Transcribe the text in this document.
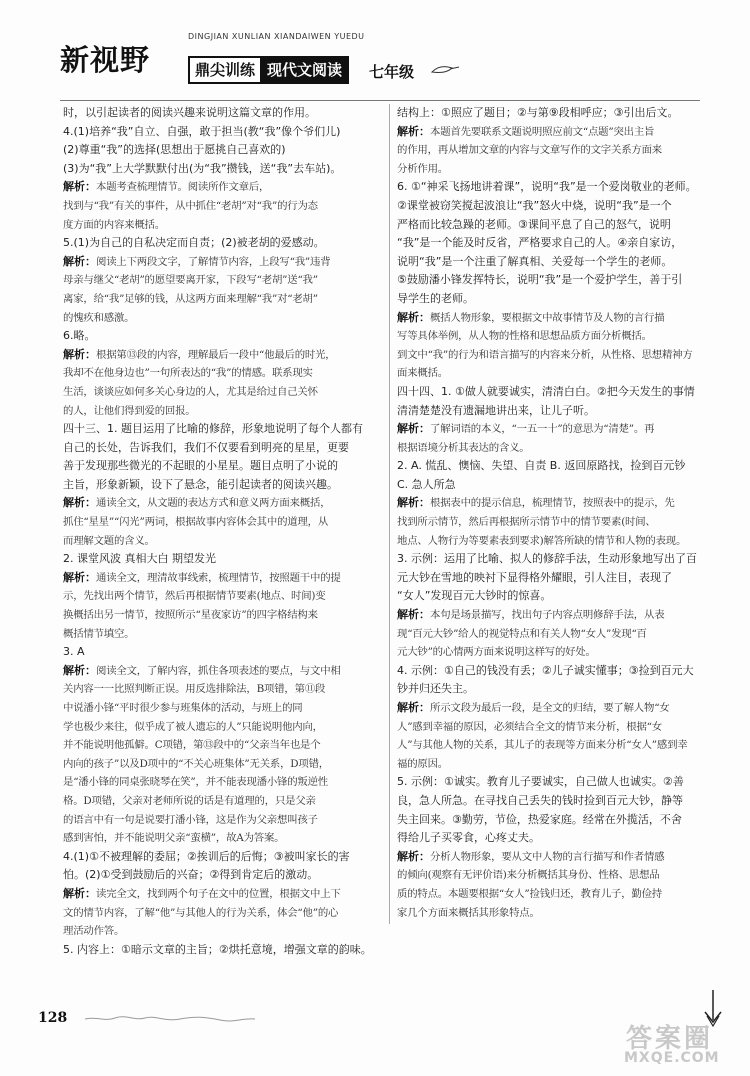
新视野
DINGJIAN XUNLIAN XIANDAIWEN YUEDU
鼎尖训练 现代文阅读	七年级
时，以引起读者的阅读兴趣来说明这篇文章的作用。
4.(1)培养“我”自立、自强，敢于担当(教“我”像个爷们儿)
(2)尊重“我”的选择(思想出于愿挑自己喜欢的)
(3)为“我”上大学默默付出(为“我”攒钱，送“我”去车站)。
解析：本题考查梳理情节。阅读所作文章后，
找到与“我”有关的事件，从中抓住“老胡”对“我”的行为态
度方面的内容来概括。
5.(1)为自己的自私决定而自责；(2)被老胡的爱感动。
解析：阅读上下两段文字，了解情节内容，上段写“我”违背
母亲与继父“老胡”的愿望要离开家，下段写“老胡”送“我”
离家，给“我”足够的钱，从这两方面来理解“我”对“老胡”
的愧疚和感激。
6.略。
解析：根据第⑬段的内容，理解最后一段中“他最后的时光，
我却不在他身边也”一句所表达的“我”的情感。联系现实
生活，谈谈应如何多关心身边的人，尤其是给过自己关怀
的人，让他们得到爱的回报。
四十三、1. 题目运用了比喻的修辞，形象地说明了每个人都有
自己的长处，告诉我们，我们不仅要看到明亮的星星，更要
善于发现那些微光的不起眼的小星星。题目点明了小说的
主旨，形象新颖，设下了悬念，能引起读者的阅读兴趣。
解析：通读全文，从文题的表达方式和意义两方面来概括，
抓住“星星”“闪光”两词，根据故事内容体会其中的道理，从
而理解文题的含义。
2. 课堂风波 真相大白 期望发光
解析：通读全文，理清故事线索，梳理情节，按照题干中的提
示，先找出两个情节，然后再根据情节要素(地点、时间)变
换概括出另一情节，按照所示“星夜家访”的四字格结构来
概括情节填空。
3. A
解析：阅读全文，了解内容，抓住各项表述的要点，与文中相
关内容一一比照判断正误。用反选排除法，B项错，第⑪段
中说潘小锋“平时很少参与班集体的活动，与班上的同
学也极少来往，似乎成了被人遗忘的人”只能说明他内向，
并不能说明他孤僻。C项错，第⑬段中的“父亲当年也是个
内向的孩子”以及D项中的“不关心班集体”无关系，D项错，
是“潘小锋的同桌张晓琴在笑”，并不能表现潘小锋的叛逆性
格。D项错，父亲对老师所说的话是有道理的，只是父亲
的语言中有一句是说要打潘小锋，这是作为父亲想叫孩子
感到害怕，并不能说明父亲“蛮横”，故A为答案。
4.(1)①不被理解的委屈；②挨训后的后悔；③被叫家长的害
怕。(2)①受到鼓励后的兴奋；②得到肯定后的激动。
解析：读完全文，找到两个句子在文中的位置，根据文中上下
文的情节内容，了解“他”与其他人的行为关系，体会“他”的心
理活动作答。
5. 内容上：①暗示文章的主旨；②烘托意境，增强文章的韵味。
结构上：①照应了题目；②与第⑨段相呼应；③引出后文。
解析：本题首先要联系文题说明照应前文“点题”突出主旨
的作用，再从增加文章的内容与文章写作的文字关系方面来
分析作用。
6. ①“神采飞扬地讲着课”，说明“我”是一个爱岗敬业的老师。
②课堂被窃笑搅起波浪让“我”怒火中烧，说明“我”是一个
严格而比较急躁的老师。③课间平息了自己的怒气，说明
“我”是一个能及时反省，严格要求自己的人。④亲自家访，
说明“我”是一个注重了解真相、关爱每一个学生的老师。
⑤鼓励潘小锋发挥特长，说明“我”是一个爱护学生，善于引
导学生的老师。
解析：概括人物形象，要根据文中故事情节及人物的言行描
写等具体举例，从人物的性格和思想品质方面分析概括。
到文中“我”的行为和语言描写的内容来分析，从性格、思想精神方
面来概括。
四十四、1. ①做人就要诚实，清清白白。②把今天发生的事情
清清楚楚没有遗漏地讲出来，让儿子听。
解析：了解词语的本义，“一五一十”的意思为“清楚”。再
根据语境分析其表达的含义。
2. A. 慌乱、懊恼、失望、自责 B. 返回原路找，捡到百元钞
C. 急人所急
解析：根据表中的提示信息，梳理情节，按照表中的提示，先
找到所示情节，然后再根据所示情节中的情节要素(时间、
地点、人物行为等要素表到要求)解答所缺的情节和人物的表现。
3. 示例：运用了比喻、拟人的修辞手法，生动形象地写出了百
元大钞在雪地的映衬下显得格外耀眼，引人注目，表现了
“女人”发现百元大钞时的惊喜。
解析：本句是场景描写，找出句子内容点明修辞手法，从表
现“百元大钞”给人的视觉特点和有关人物“女人”发现“百
元大钞”的心情两方面来说明这样写的好处。
4. 示例：①自己的钱没有丢；②儿子诚实懂事；③捡到百元大
钞并归还失主。
解析：所示文段为最后一段，是全文的归结，要了解人物“女
人”感到幸福的原因，必须结合全文的情节来分析，根据“女
人”与其他人物的关系，其儿子的表现等方面来分析“女人”感到幸
福的原因。
5. 示例：①诚实。教育儿子要诚实，自己做人也诚实。②善
良，急人所急。在寻找自己丢失的钱时捡到百元大钞，静等
失主回来。③勤劳，节俭，热爱家庭。经常在外揽活，不舍
得给儿子买零食，心疼丈夫。
解析：分析人物形象，要从文中人物的言行描写和作者情感
的倾向(观察有无评价语)来分析概括其身份、性格、思想品
质的特点。本题要根据“女人”捡钱归还，教育儿子，勤俭持
家几个方面来概括其形象特点。
128
答案圈
MXQE.COM
